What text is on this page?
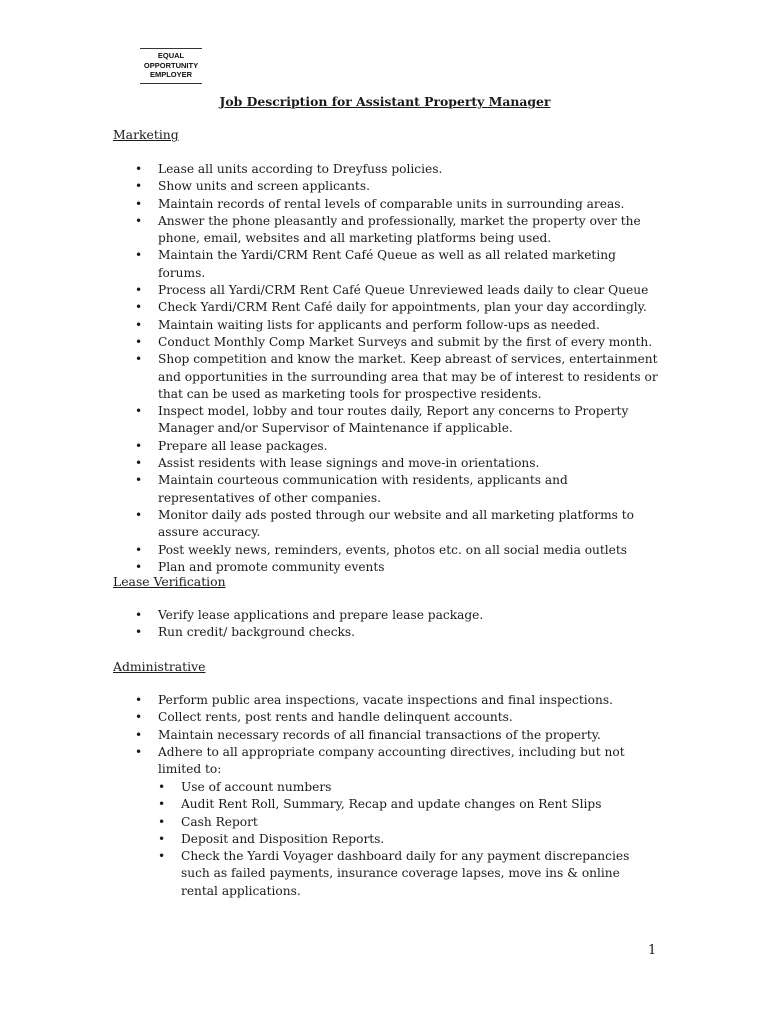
EQUAL
OPPORTUNITY
EMPLOYER
Job Description for Assistant Property Manager
Marketing
• Lease all units according to Dreyfuss policies.
• Show units and screen applicants.
• Maintain records of rental levels of comparable units in surrounding areas.
• Answer the phone pleasantly and professionally, market the property over the phone, email, websites and all marketing platforms being used.
• Maintain the Yardi/CRM Rent Café Queue as well as all related marketing forums.
• Process all Yardi/CRM Rent Café Queue Unreviewed leads daily to clear Queue
• Check Yardi/CRM Rent Café daily for appointments, plan your day accordingly.
• Maintain waiting lists for applicants and perform follow-ups as needed.
• Conduct Monthly Comp Market Surveys and submit by the first of every month.
• Shop competition and know the market. Keep abreast of services, entertainment and opportunities in the surrounding area that may be of interest to residents or that can be used as marketing tools for prospective residents.
• Inspect model, lobby and tour routes daily, Report any concerns to Property Manager and/or Supervisor of Maintenance if applicable.
• Prepare all lease packages.
• Assist residents with lease signings and move-in orientations.
• Maintain courteous communication with residents, applicants and representatives of other companies.
• Monitor daily ads posted through our website and all marketing platforms to assure accuracy.
• Post weekly news, reminders, events, photos etc. on all social media outlets
• Plan and promote community events
Lease Verification
• Verify lease applications and prepare lease package.
• Run credit/ background checks.
Administrative
• Perform public area inspections, vacate inspections and final inspections.
• Collect rents, post rents and handle delinquent accounts.
• Maintain necessary records of all financial transactions of the property.
• Adhere to all appropriate company accounting directives, including but not limited to:
• Use of account numbers
• Audit Rent Roll, Summary, Recap and update changes on Rent Slips
• Cash Report
• Deposit and Disposition Reports.
• Check the Yardi Voyager dashboard daily for any payment discrepancies such as failed payments, insurance coverage lapses, move ins & online rental applications.
1
